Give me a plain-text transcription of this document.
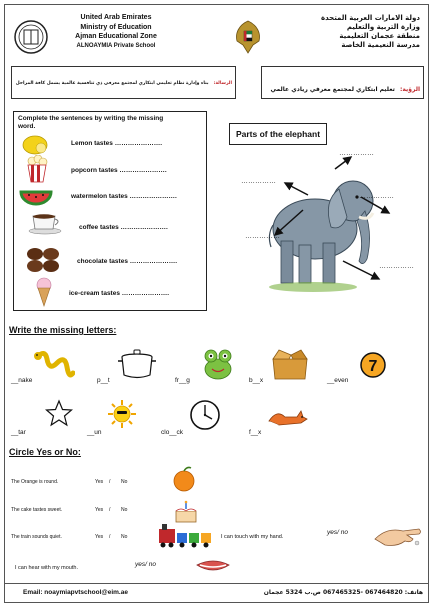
United Arab Emirates
Ministry of Education
Ajman Educational Zone
ALNOAYMIA Private School
دولة الامارات العربية المتحدة
وزارة التربية والتعليم
منطقة عجمان التعليمية
مدرسة النعيمية الخاصة
الرسالة: بناء وإدارة نظام تعليمي ابتكاري لمجتمع معرفي ذي تنافسية عالمية يشمل كافة المراحل
الرؤية: تعليم ابتكاري لمجتمع معرفي ريادي عالمي
Complete the sentences by writing the missing word.
Lemon tastes ………………….
popcorn tastes ………………….
watermelon tastes ………………….
coffee tastes ………………….
chocolate tastes ………………….
ice-cream tastes ………………….
Parts of the elephant
……………
……………
……………
……………
……………
Write the missing letters:
7
__nake	p__t	fr__g	b__x	__even
__tar	__un	clo__ck	f__x
Circle Yes or No:
The Orange is round.	Yes / No
The cake tastes sweet.	Yes / No
The train sounds quiet.	Yes / No	I can touch with my hand.
yes/ no
I can hear with my mouth.	yes/ no
Email: noaymiapvtschool@eim.ae	هاتف: 067464820 -067465325 ص.ب 5324 عجمان
